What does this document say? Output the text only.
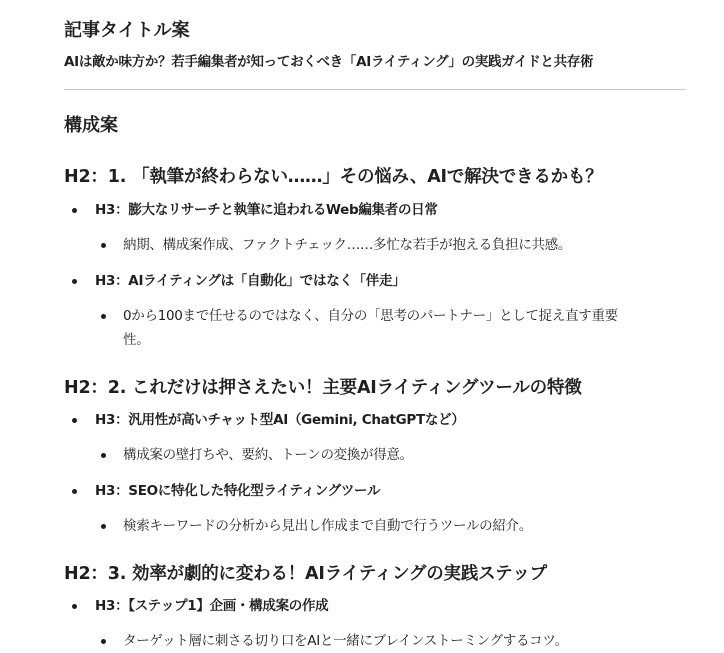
記事タイトル案
AIは敵か味方か？若手編集者が知っておくべき「AIライティング」の実践ガイドと共存術
構成案
H2：1. 「執筆が終わらない……」その悩み、AIで解決できるかも？
H3：膨大なリサーチと執筆に追われるWeb編集者の日常
納期、構成案作成、ファクトチェック……多忙な若手が抱える負担に共感。
H3：AIライティングは「自動化」ではなく「伴走」
0から100まで任せるのではなく、自分の「思考のパートナー」として捉え直す重要性。
H2：2. これだけは押さえたい！主要AIライティングツールの特徴
H3：汎用性が高いチャット型AI（Gemini, ChatGPTなど）
構成案の壁打ちや、要約、トーンの変換が得意。
H3：SEOに特化した特化型ライティングツール
検索キーワードの分析から見出し作成まで自動で行うツールの紹介。
H2：3. 効率が劇的に変わる！AIライティングの実践ステップ
H3：【ステップ1】企画・構成案の作成
ターゲット層に刺さる切り口をAIと一緒にブレインストーミングするコツ。
